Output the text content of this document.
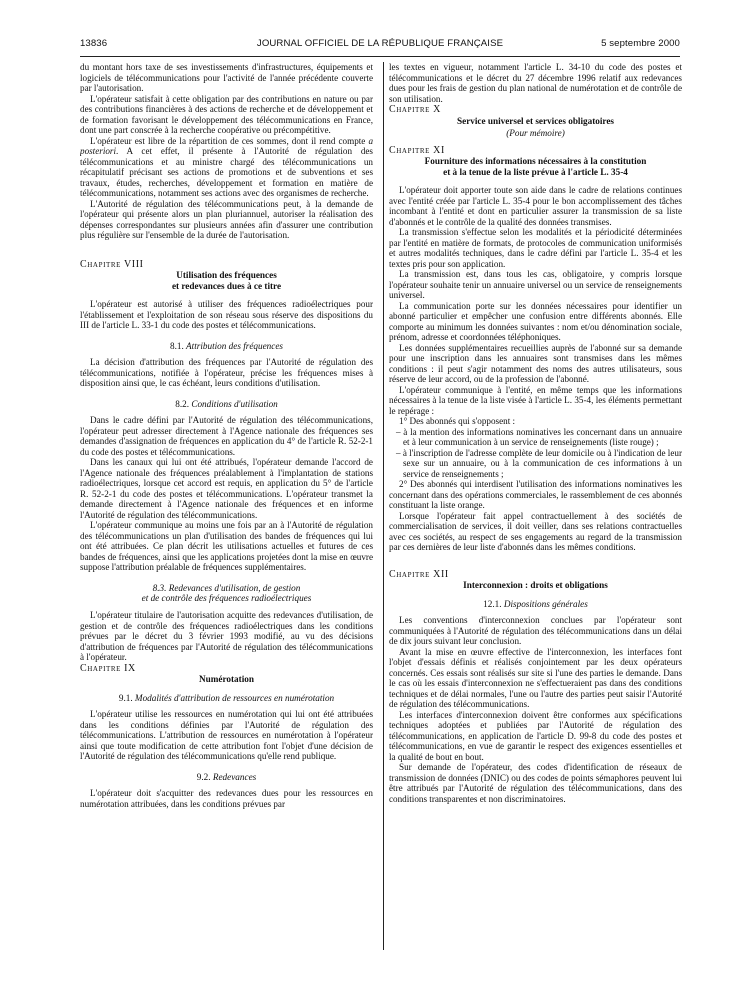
13836	JOURNAL OFFICIEL DE LA RÉPUBLIQUE FRANÇAISE	5 septembre 2000

du montant hors taxe de ses investissements d'infrastructures, équipements et logiciels de télécommunications pour l'activité de l'année précédente couverte par l'autorisation.

L'opérateur satisfait à cette obligation par des contributions en nature ou par des contributions financières à des actions de recherche et de développement et de formation favorisant le développement des télécommunications en France, dont une part conscrée à la recherche coopérative ou précompétitive.

L'opérateur est libre de la répartition de ces sommes, dont il rend compte a posteriori. A cet effet, il présente à l'Autorité de régulation des télécommunications et au ministre chargé des télécommunications un récapitulatif précisant ses actions de promotions et de subventions et ses travaux, études, recherches, développement et formation en matière de télécommunications, notamment ses actions avec des organismes de recherche.

L'Autorité de régulation des télécommunications peut, à la demande de l'opérateur qui présente alors un plan pluriannuel, autoriser la réalisation des dépenses correspondantes sur plusieurs années afin d'assurer une contribution plus régulière sur l'ensemble de la durée de l'autorisation.

Chapitre VIII

Utilisation des fréquences

et redevances dues à ce titre

L'opérateur est autorisé à utiliser des fréquences radioélectriques pour l'établissement et l'exploitation de son réseau sous réserve des dispositions du III de l'article L. 33-1 du code des postes et télécommunications.

8.1. Attribution des fréquences

La décision d'attribution des fréquences par l'Autorité de régulation des télécommunications, notifiée à l'opérateur, précise les fréquences mises à disposition ainsi que, le cas échéant, leurs conditions d'utilisation.

8.2. Conditions d'utilisation

Dans le cadre défini par l'Autorité de régulation des télécommunications, l'opérateur peut adresser directement à l'Agence nationale des fréquences ses demandes d'assignation de fréquences en application du 4° de l'article R. 52-2-1 du code des postes et télécommunications.

Dans les canaux qui lui ont été attribués, l'opérateur demande l'accord de l'Agence nationale des fréquences préalablement à l'implantation de stations radioélectriques, lorsque cet accord est requis, en application du 5° de l'article R. 52-2-1 du code des postes et télécommunications. L'opérateur transmet la demande directement à l'Agence nationale des fréquences et en informe l'Autorité de régulation des télécommunications.

L'opérateur communique au moins une fois par an à l'Autorité de régulation des télécommunications un plan d'utilisation des bandes de fréquences qui lui ont été attribuées. Ce plan décrit les utilisations actuelles et futures de ces bandes de fréquences, ainsi que les applications projetées dont la mise en œuvre suppose l'attribution préalable de fréquences supplémentaires.

8.3. Redevances d'utilisation, de gestion

et de contrôle des fréquences radioélectriques

L'opérateur titulaire de l'autorisation acquitte des redevances d'utilisation, de gestion et de contrôle des fréquences radioélectriques dans les conditions prévues par le décret du 3 février 1993 modifié, au vu des décisions d'attribution de fréquences par l'Autorité de régulation des télécommunications à l'opérateur.

Chapitre IX

Numérotation

9.1. Modalités d'attribution de ressources en numérotation

L'opérateur utilise les ressources en numérotation qui lui ont été attribuées dans les conditions définies par l'Autorité de régulation des télécommunications. L'attribution de ressources en numérotation à l'opérateur ainsi que toute modification de cette attribution font l'objet d'une décision de l'Autorité de régulation des télécommunications qu'elle rend publique.

9.2. Redevances

L'opérateur doit s'acquitter des redevances dues pour les ressources en numérotation attribuées, dans les conditions prévues par

les textes en vigueur, notamment l'article L. 34-10 du code des postes et télécommunications et le décret du 27 décembre 1996 relatif aux redevances dues pour les frais de gestion du plan national de numérotation et de contrôle de son utilisation.

Chapitre X

Service universel et services obligatoires

(Pour mémoire)

Chapitre XI

Fourniture des informations nécessaires à la constitution

et à la tenue de la liste prévue à l'article L. 35-4

L'opérateur doit apporter toute son aide dans le cadre de relations continues avec l'entité créée par l'article L. 35-4 pour le bon accomplissement des tâches incombant à l'entité et dont en particulier assurer la transmission de sa liste d'abonnés et le contrôle de la qualité des données transmises.

La transmission s'effectue selon les modalités et la périodicité déterminées par l'entité en matière de formats, de protocoles de communication uniformisés et autres modalités techniques, dans le cadre défini par l'article L. 35-4 et les textes pris pour son application.

La transmission est, dans tous les cas, obligatoire, y compris lorsque l'opérateur souhaite tenir un annuaire universel ou un service de renseignements universel.

La communication porte sur les données nécessaires pour identifier un abonné particulier et empêcher une confusion entre différents abonnés. Elle comporte au minimum les données suivantes : nom et/ou dénomination sociale, prénom, adresse et coordonnées téléphoniques.

Les données supplémentaires recueillies auprès de l'abonné sur sa demande pour une inscription dans les annuaires sont transmises dans les mêmes conditions : il peut s'agir notamment des noms des autres utilisateurs, sous réserve de leur accord, ou de la profession de l'abonné.

L'opérateur communique à l'entité, en même temps que les informations nécessaires à la tenue de la liste visée à l'article L. 35-4, les éléments permettant le repérage :

1° Des abonnés qui s'opposent :

– à la mention des informations nominatives les concernant dans un annuaire et à leur communication à un service de renseignements (liste rouge) ;

– à l'inscription de l'adresse complète de leur domicile ou à l'indication de leur sexe sur un annuaire, ou à la communication de ces informations à un service de renseignements ;

2° Des abonnés qui interdisent l'utilisation des informations nominatives les concernant dans des opérations commerciales, le rassemblement de ces abonnés constituant la liste orange.

Lorsque l'opérateur fait appel contractuellement à des sociétés de commercialisation de services, il doit veiller, dans ses relations contractuelles avec ces sociétés, au respect de ses engagements au regard de la transmission par ces dernières de leur liste d'abonnés dans les mêmes conditions.

Chapitre XII

Interconnexion : droits et obligations

12.1. Dispositions générales

Les conventions d'interconnexion conclues par l'opérateur sont communiquées à l'Autorité de régulation des télécommunications dans un délai de dix jours suivant leur conclusion.

Avant la mise en œuvre effective de l'interconnexion, les interfaces font l'objet d'essais définis et réalisés conjointement par les deux opérateurs concernés. Ces essais sont réalisés sur site si l'une des parties le demande. Dans le cas où les essais d'interconnexion ne s'effectueraient pas dans des conditions techniques et de délai normales, l'une ou l'autre des parties peut saisir l'Autorité de régulation des télécommunications.

Les interfaces d'interconnexion doivent être conformes aux spécifications techniques adoptées et publiées par l'Autorité de régulation des télécommunications, en application de l'article D. 99-8 du code des postes et télécommunications, en vue de garantir le respect des exigences essentielles et la qualité de bout en bout.

Sur demande de l'opérateur, des codes d'identification de réseaux de transmission de données (DNIC) ou des codes de points sémaphores peuvent lui être attribués par l'Autorité de régulation des télécommunications, dans des conditions transparentes et non discriminatoires.
